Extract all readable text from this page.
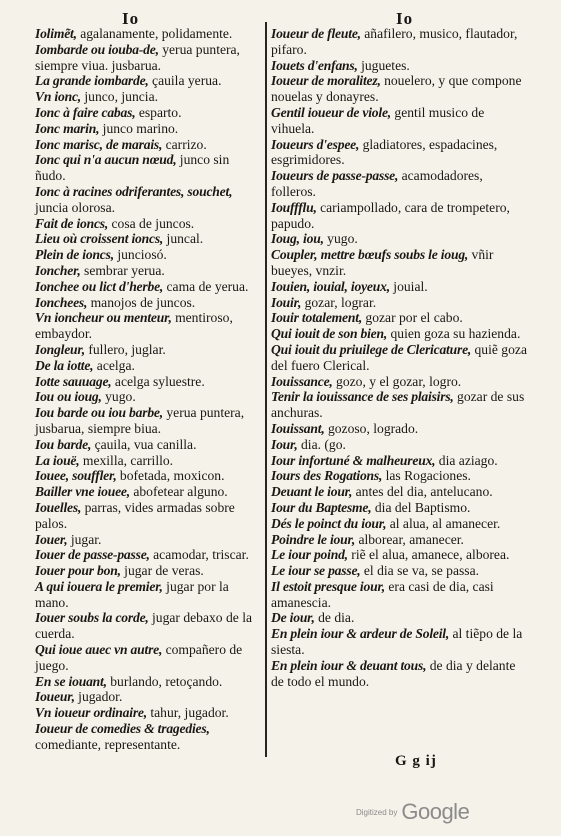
Io	Io

Iolimẽt, agalanamente, polidamente.

Iombarde ou iouba-de, yerua puntera, siempre viua. jusbarua.

La grande iombarde, çauila yerua.

Vn ionc, junco, juncia.

Ionc à faire cabas, esparto.

Ionc marin, junco marino.

Ionc marisc, de marais, carrizo.

Ionc qui n'a aucun nœud, junco sin ñudo.

Ionc à racines odriferantes, souchet, juncia olorosa.

Fait de ioncs, cosa de juncos.

Lieu où croissent ioncs, juncal.

Plein de ioncs, junciosó.

Ioncher, sembrar yerua.

Ionchee ou lict d'herbe, cama de yerua.

Ionchees, manojos de juncos.

Vn ioncheur ou menteur, mentiroso, embaydor.

Iongleur, fullero, juglar.

De la iotte, acelga.

Iotte sauuage, acelga syluestre.

Iou ou ioug, yugo.

Iou barde ou iou barbe, yerua puntera, jusbarua, siempre biua.

Iou barde, çauila, vua canilla.

La iouë, mexilla, carrillo.

Iouee, souffler, bofetada, moxicon.

Bailler vne iouee, abofetear alguno.

Iouelles, parras, vides armadas sobre palos.

Iouer, jugar.

Iouer de passe-passe, acamodar, triscar.

Iouer pour bon, jugar de veras.

A qui iouera le premier, jugar por la mano.

Iouer soubs la corde, jugar debaxo de la cuerda.

Qui ioue auec vn autre, compañero de juego.

En se iouant, burlando, retoçando.

Ioueur, jugador.

Vn ioueur ordinaire, tahur, jugador.

Ioueur de comedies & tragedies, comediante, representante.

Ioueur de fleute, añafilero, musico, flautador, pifaro.

Iouets d'enfans, juguetes.

Ioueur de moralitez, nouelero, y que compone nouelas y donayres.

Gentil ioueur de viole, gentil musico de vihuela.

Ioueurs d'espee, gladiatores, espadacines, esgrimidores.

Ioueurs de passe-passe, acamodadores, folleros.

Iouffflu, cariampollado, cara de trompetero, papudo.

Ioug, iou, yugo.

Coupler, mettre bœufs soubs le ioug, vñir bueyes, vnzir.

Iouien, iouial, ioyeux, jouial.

Iouir, gozar, lograr.

Iouir totalement, gozar por el cabo.

Qui iouit de son bien, quien goza su hazienda.

Qui iouit du priuilege de Clericature, quiẽ goza del fuero Clerical.

Iouissance, gozo, y el gozar, logro.

Tenir la iouissance de ses plaisirs, gozar de sus anchuras.

Iouissant, gozoso, logrado.

Iour, dia. (go.

Iour infortuné & malheureux, dia aziago.

Iours des Rogations, las Rogaciones.

Deuant le iour, antes del dia, antelucano.

Iour du Baptesme, dia del Baptismo.

Dés le poinct du iour, al alua, al amanecer.

Poindre le iour, alborear, amanecer.

Le iour poind, riẽ el alua, amanece, alborea.

Le iour se passe, el dia se va, se passa.

Il estoit presque iour, era casi de dia, casi amanescia.

De iour, de dia.

En plein iour & ardeur de Soleil, al tiẽpo de la siesta.

En plein iour & deuant tous, de dia y delante de todo el mundo.

G g ij
Digitized by Google
